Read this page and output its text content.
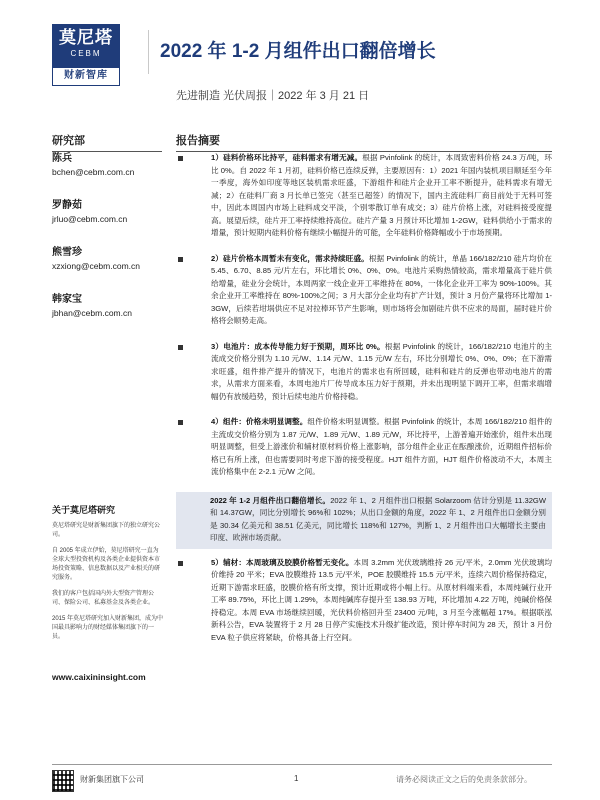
莫尼塔
CEBM
财新智库
2022 年 1-2 月组件出口翻倍增长
先进制造 光伏周报｜2022 年 3 月 21 日
研究部	报告摘要
陈兵
bchen@cebm.com.cn
罗静茹
jrluo@cebm.com.cn
熊雪珍
xzxiong@cebm.com.cn
韩家宝
jbhan@cebm.com.cn
关于莫尼塔研究
莫尼塔研究是财新集团旗下的独立研究公司。
自 2005 年成立伊始，莫尼塔研究一直为全球大型投资机构及各类企业提供资本市场投资策略、信息数据以及产业相关的研究服务。
我们的客户包括国内外大型资产管理公司、保险公司、私募基金及各类企业。
2015 年莫尼塔研究加入财新集团，成为中国最具影响力的财经媒体集团旗下的一员。
www.caixininsight.com
1）硅料价格环比持平，硅料需求有增无减。根据 Pvinfolink 的统计，本周致密料价格 24.3 万/吨，环比 0%。自 2022 年 1 月初，硅料价格已连续反弹，主要原因有：1）2021 年国内装机项目顺延至今年一季度，海外如印度等地区装机需求旺盛，下游组件和硅片企业开工率不断提升，硅料需求有增无减；2）在硅料厂商 3 月长单已签完（甚至已超签）的情况下，国内主流硅料厂商目前处于无料可签中，因此本周国内市场上硅料成交平淡，个别零散订单有成交；3）硅片价格上涨，对硅料接受度提高。展望后续，硅片开工率持续维持高位。硅片产量 3 月预计环比增加 1-2GW，硅料供给小于需求的增量，预计短期内硅料价格有继续小幅提升的可能，全年硅料价格降幅或小于市场预期。
2）硅片价格本周暂未有变化，需求持续旺盛。根据 Pvinfolink 的统计，单晶 166/182/210 硅片均价在 5.45、6.70、8.85 元/片左右，环比增长 0%、0%、0%。电池片采购热情较高，需求增量高于硅片供给增量，硅业分会统计，本周两家一线企业开工率维持在 80%，一体化企业开工率为 90%-100%。其余企业开工率维持在 80%-100%之间；3 月大部分企业均有扩产计划，预计 3 月份产量将环比增加 1-3GW，后续若坩埚供应不足对拉棒环节产生影响，则市场将会加剧硅片供不应求的局面，届时硅片价格将会顺势走高。
3）电池片：成本传导能力好于预期，周环比 0%。根据 Pvinfolink 的统计，166/182/210 电池片的主流成交价格分别为 1.10 元/W、1.14 元/W、1.15 元/W 左右，环比分别增长 0%、0%、0%；在下游需求旺盛，组件排产提升的情况下，电池片的需求也有所回暖，硅料和硅片的反弹也带动电池片的需求，从需求方面来看，本周电池片厂传导成本压力好于预期，并未出现明显下调开工率，但需求端增幅仍有放缓趋势，预计后续电池片价格持稳。
4）组件：价格未明显调整。组件价格未明显调整。根据 Pvinfolink 的统计，本周 166/182/210 组件的主流成交价格分别为 1.87 元/W、1.89 元/W、1.89 元/W，环比持平，上游普遍开始涨价，组件未出现明显调整，但受上游涨价和辅材原材料价格上涨影响，部分组件企业正在酝酿涨价，近期组件招标价格已有所上涨，但也需要同时考虑下游的接受程度。HJT 组件方面，HJT 组件价格波动不大，本周主流价格集中在 2-2.1 元/W 之间。
2022 年 1-2 月组件出口翻倍增长。2022 年 1、2 月组件出口根据 Solarzoom 估计分别是 11.32GW 和 14.37GW，同比分别增长 96%和 102%；从出口金额的角度，2022 年 1、2 月组件出口金额分别是 30.34 亿美元和 38.51 亿美元，同比增长 118%和 127%，判断 1、2 月组件出口大幅增长主要由印度、欧洲市场贡献。
5）辅材：本周玻璃及胶膜价格暂无变化。本周 3.2mm 光伏玻璃维持 26 元/平米，2.0mm 光伏玻璃均价维持 20 平米；EVA 胶膜维持 13.5 元/平米，POE 胶膜维持 15.5 元/平米，连续六周价格保持稳定，近期下游需求旺盛，胶膜价格有所支撑，预计近期或将小幅上行。从原材料端来看，本周纯碱行业开工率 89.75%，环比上调 1.29%，本周纯碱库存提升至 138.93 万吨，环比增加 4.22 万吨，纯碱价格保持稳定。本周 EVA 市场继续回暖，光伏料价格回升至 23400 元/吨，3 月至今涨幅超 17%。根据联泓新科公告，EVA 装置将于 2 月 28 日停产实施技术升级扩能改造，预计停车时间为 28 天，预计 3 月份 EVA 粒子供应将紧缺，价格具备上行空间。
财新集团旗下公司	1	请务必阅读正文之后的免责条款部分。
